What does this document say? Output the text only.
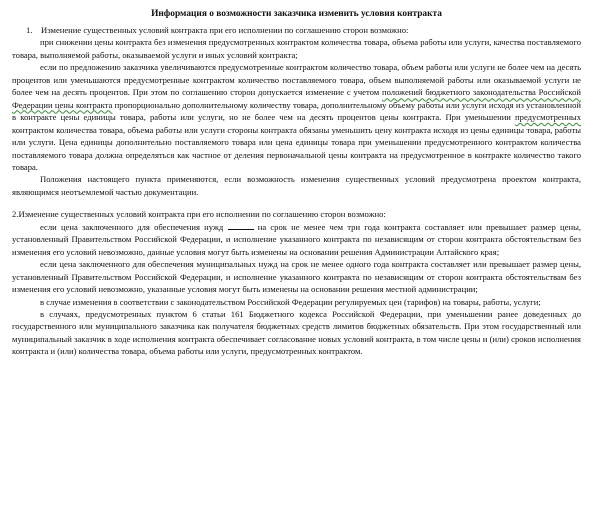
Информация о возможности заказчика изменить условия контракта

1.    Изменение существенных условий контракта при его исполнении по соглашению сторон возможно:

при снижении цены контракта без изменения предусмотренных контрактом количества товара, объема работы или услуги, качества поставляемого товара, выполняемой работы, оказываемой услуги и иных условий контракта;

если по предложению заказчика увеличиваются предусмотренные контрактом количество товара, объем работы или услуги не более чем на десять процентов или уменьшаются предусмотренные контрактом количество поставляемого товара, объем выполняемой работы или оказываемой услуги не более чем на десять процентов. При этом по соглашению сторон допускается изменение с учетом положений бюджетного законодательства Российской Федерации цены контракта пропорционально дополнительному количеству товара, дополнительному объему работы или услуги исходя из установленной в контракте цены единицы товара, работы или услуги, но не более чем на десять процентов цены контракта. При уменьшении предусмотренных контрактом количества товара, объема работы или услуги стороны контракта обязаны уменьшить цену контракта исходя из цены единицы товара, работы или услуги. Цена единицы дополнительно поставляемого товара или цена единицы товара при уменьшении предусмотренного контрактом количества поставляемого товара должна определяться как частное от деления первоначальной цены контракта на предусмотренное в контракте количество такого товара.

Положения настоящего пункта применяются, если возможность изменения существенных условий предусмотрена проектом контракта, являющимся неотъемлемой частью документации.

2.Изменение существенных условий контракта при его исполнении по соглашению сторон возможно:

если цена заключенного для обеспечения нужд	на срок не менее чем три года контракта составляет или превышает размер цены, установленный Правительством Российской Федерации, и исполнение указанного контракта по независящим от сторон контракта обстоятельствам без изменения его условий невозможно, данные условия могут быть изменены на основании решения Администрации Алтайского края;

если цена заключенного для обеспечения муниципальных нужд на срок не менее одного года контракта составляет или превышает размер цены, установленный Правительством Российской Федерации, и исполнение указанного контракта по независящим от сторон контракта обстоятельствам без изменения его условий невозможно, указанные условия могут быть изменены на основании решения местной администрации;

в случае изменения в соответствии с законодательством Российской Федерации регулируемых цен (тарифов) на товары, работы, услуги;

в случаях, предусмотренных пунктом 6 статьи 161 Бюджетного кодекса Российской Федерации, при уменьшении ранее доведенных до государственного или муниципального заказчика как получателя бюджетных средств лимитов бюджетных обязательств. При этом государственный или муниципальный заказчик в ходе исполнения контракта обеспечивает согласование новых условий контракта, в том числе цены и (или) сроков исполнения контракта и (или) количества товара, объема работы или услуги, предусмотренных контрактом.
